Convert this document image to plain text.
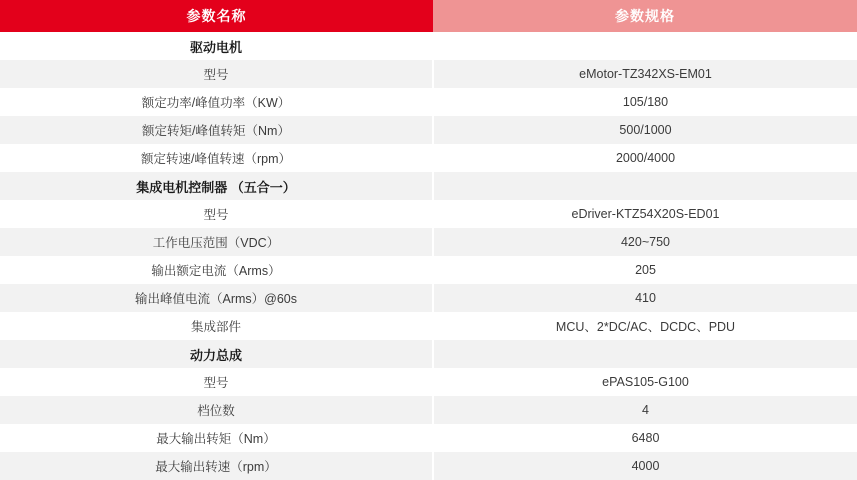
参数名称	参数规格
驱动电机	
型号	eMotor-TZ342XS-EM01
额定功率/峰值功率（KW）	105/180
额定转矩/峰值转矩（Nm）	500/1000
额定转速/峰值转速（rpm）	2000/4000
集成电机控制器 （五合一）	
型号	eDriver-KTZ54X20S-ED01
工作电压范围（VDC）	420~750
输出额定电流（Arms）	205
输出峰值电流（Arms）@60s	410
集成部件	MCU、2*DC/AC、DCDC、PDU
动力总成	
型号	ePAS105-G100
档位数	4
最大输出转矩（Nm）	6480
最大输出转速（rpm）	4000
